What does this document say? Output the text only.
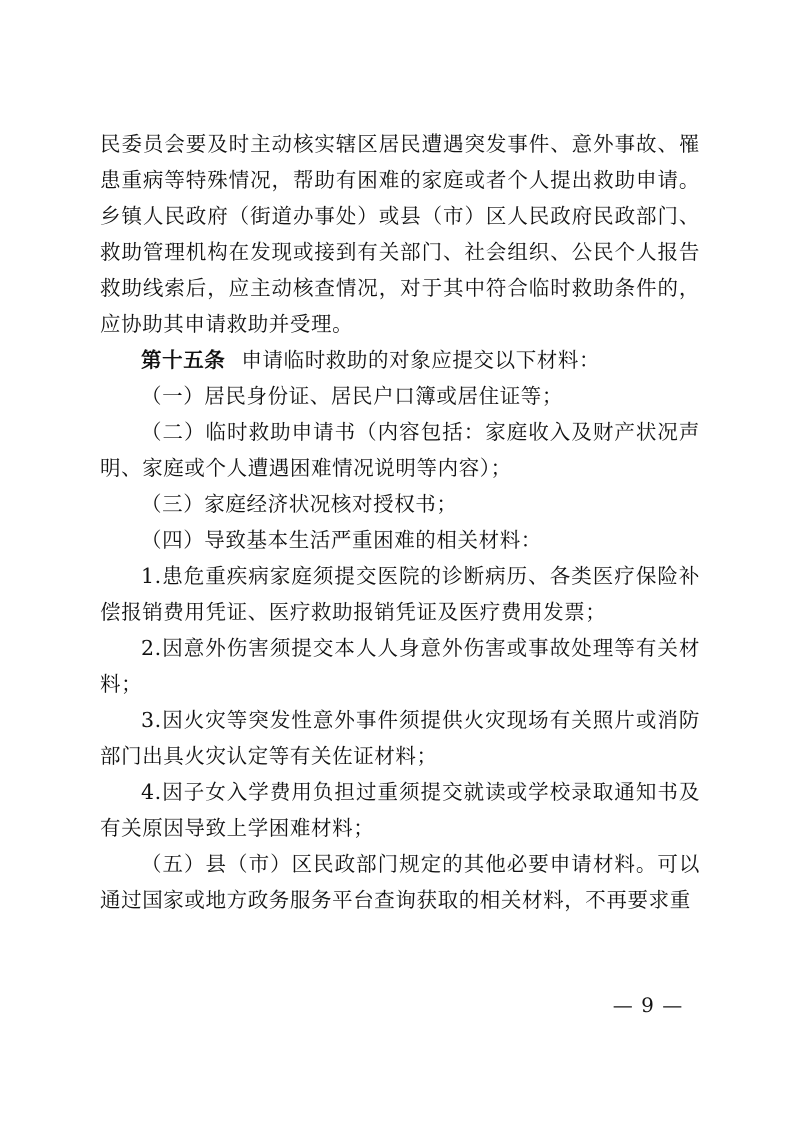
民委员会要及时主动核实辖区居民遭遇突发事件、意外事故、罹患重病等特殊情况，帮助有困难的家庭或者个人提出救助申请。乡镇人民政府（街道办事处）或县（市）区人民政府民政部门、救助管理机构在发现或接到有关部门、社会组织、公民个人报告救助线索后，应主动核查情况，对于其中符合临时救助条件的，应协助其申请救助并受理。

第十五条 申请临时救助的对象应提交以下材料：

（一）居民身份证、居民户口簿或居住证等；

（二）临时救助申请书（内容包括：家庭收入及财产状况声明、家庭或个人遭遇困难情况说明等内容）；

（三）家庭经济状况核对授权书；

（四）导致基本生活严重困难的相关材料：

1.患危重疾病家庭须提交医院的诊断病历、各类医疗保险补偿报销费用凭证、医疗救助报销凭证及医疗费用发票；

2.因意外伤害须提交本人人身意外伤害或事故处理等有关材料；

3.因火灾等突发性意外事件须提供火灾现场有关照片或消防部门出具火灾认定等有关佐证材料；

4.因子女入学费用负担过重须提交就读或学校录取通知书及有关原因导致上学困难材料；

（五）县（市）区民政部门规定的其他必要申请材料。可以通过国家或地方政务服务平台查询获取的相关材料，不再要求重

— 9 —
